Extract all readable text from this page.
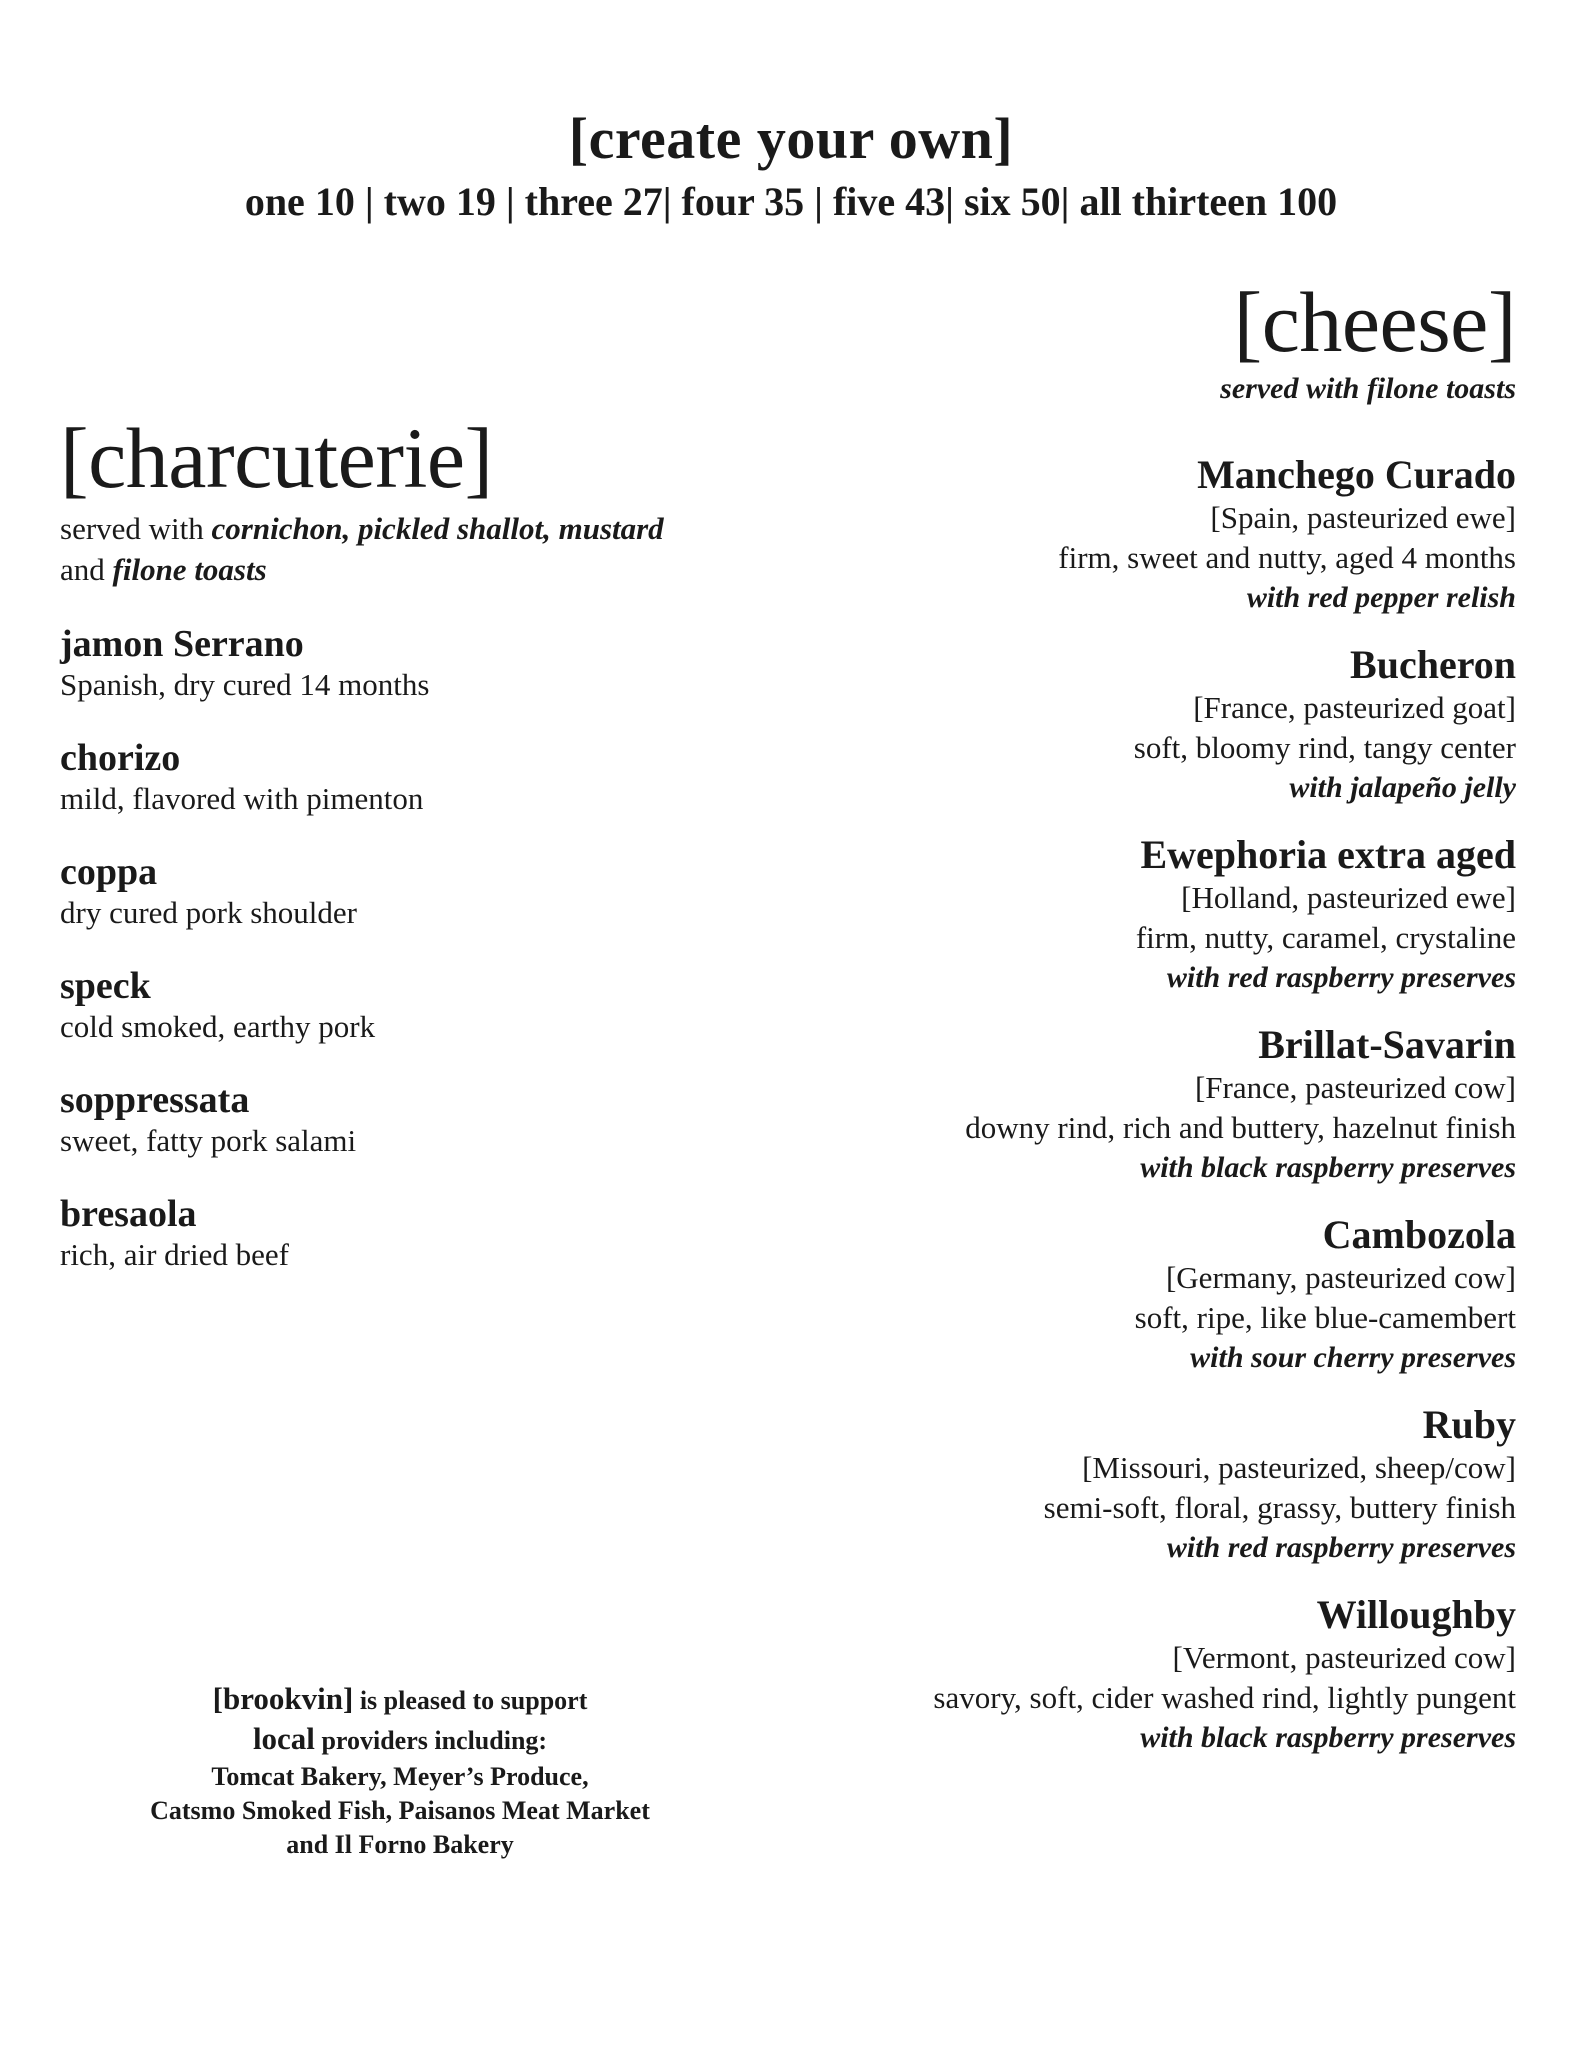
[create your own]
one 10 | two 19 | three 27| four 35 | five 43| six 50| all thirteen 100
[charcuterie]
served with cornichon, pickled shallot, mustard
and filone toasts
jamon Serrano
Spanish, dry cured 14 months
chorizo
mild, flavored with pimenton
coppa
dry cured pork shoulder
speck
cold smoked, earthy pork
soppressata
sweet, fatty pork salami
bresaola
rich, air dried beef
[cheese]
served with filone toasts
Manchego Curado
[Spain, pasteurized ewe]
firm, sweet and nutty, aged 4 months
with red pepper relish
Bucheron
[France, pasteurized goat]
soft, bloomy rind, tangy center
with jalapeño jelly
Ewephoria extra aged
[Holland, pasteurized ewe]
firm, nutty, caramel, crystaline
with red raspberry preserves
Brillat-Savarin
[France, pasteurized cow]
downy rind, rich and buttery, hazelnut finish
with black raspberry preserves
Cambozola
[Germany, pasteurized cow]
soft, ripe, like blue-camembert
with sour cherry preserves
Ruby
[Missouri, pasteurized, sheep/cow]
semi-soft, floral, grassy, buttery finish
with red raspberry preserves
Willoughby
[Vermont, pasteurized cow]
savory, soft, cider washed rind, lightly pungent
with black raspberry preserves
[brookvin] is pleased to support
local providers including:
Tomcat Bakery, Meyer’s Produce,
Catsmo Smoked Fish, Paisanos Meat Market
and Il Forno Bakery
